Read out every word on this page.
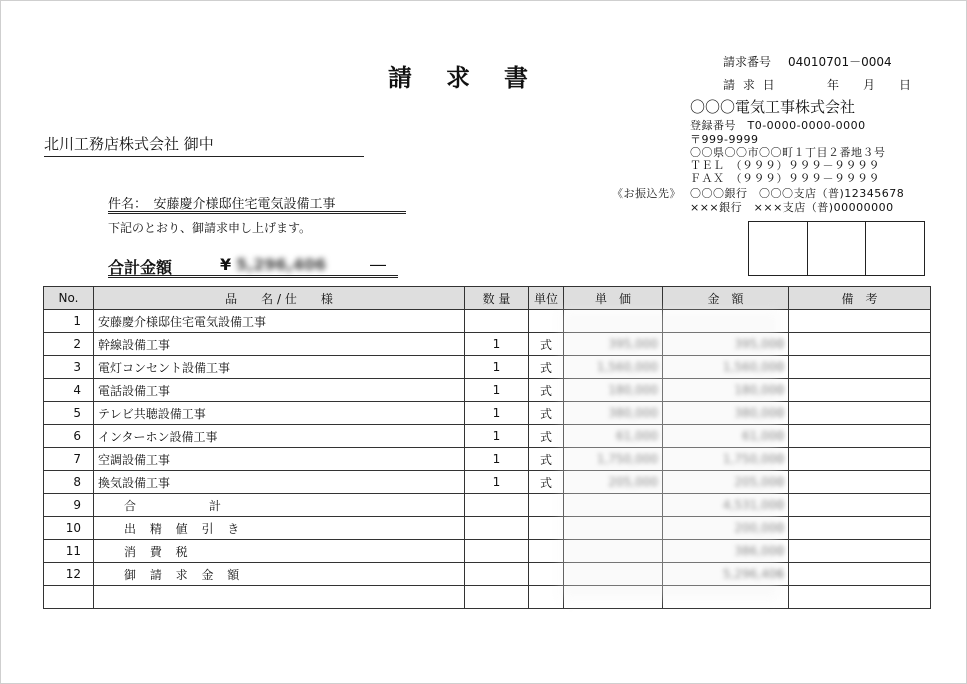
請求書
請求番号 04010701－0004
請 求 日	年　月　日
〇〇〇電気工事株式会社
登録番号　T0-0000-0000-0000
〒999-9999
〇〇県〇〇市〇〇町１丁目２番地３号
ＴＥＬ　（９９９）９９９－９９９９
ＦＡＸ　（９９９）９９９－９９９９
《お振込先》 〇〇〇銀行　〇〇〇支店（普)12345678
×××銀行　×××支店（普)00000000
北川工務店株式会社 御中
件名：　安藤慶介様邸住宅電気設備工事
下記のとおり、御請求申し上げます。
合計金額	¥ 5,296,406	―
No.	品　　名 / 仕　　様	数 量	単位	単　価	金　額	備　考
1	安藤慶介様邸住宅電気設備工事					
2	幹線設備工事	1	式	395,000	395,000	
3	電灯コンセント設備工事	1	式	1,560,000	1,560,000	
4	電話設備工事	1	式	180,000	180,000	
5	テレビ共聴設備工事	1	式	380,000	380,000	
6	インターホン設備工事	1	式	61,000	61,000	
7	空調設備工事	1	式	1,750,000	1,750,000	
8	換気設備工事	1	式	205,000	205,000	
9	合　　　　計				4,531,000	
10	出 精 値 引 き				200,000	
11	消 費 税				386,000	
12	御 請 求 金 額				5,296,406	
